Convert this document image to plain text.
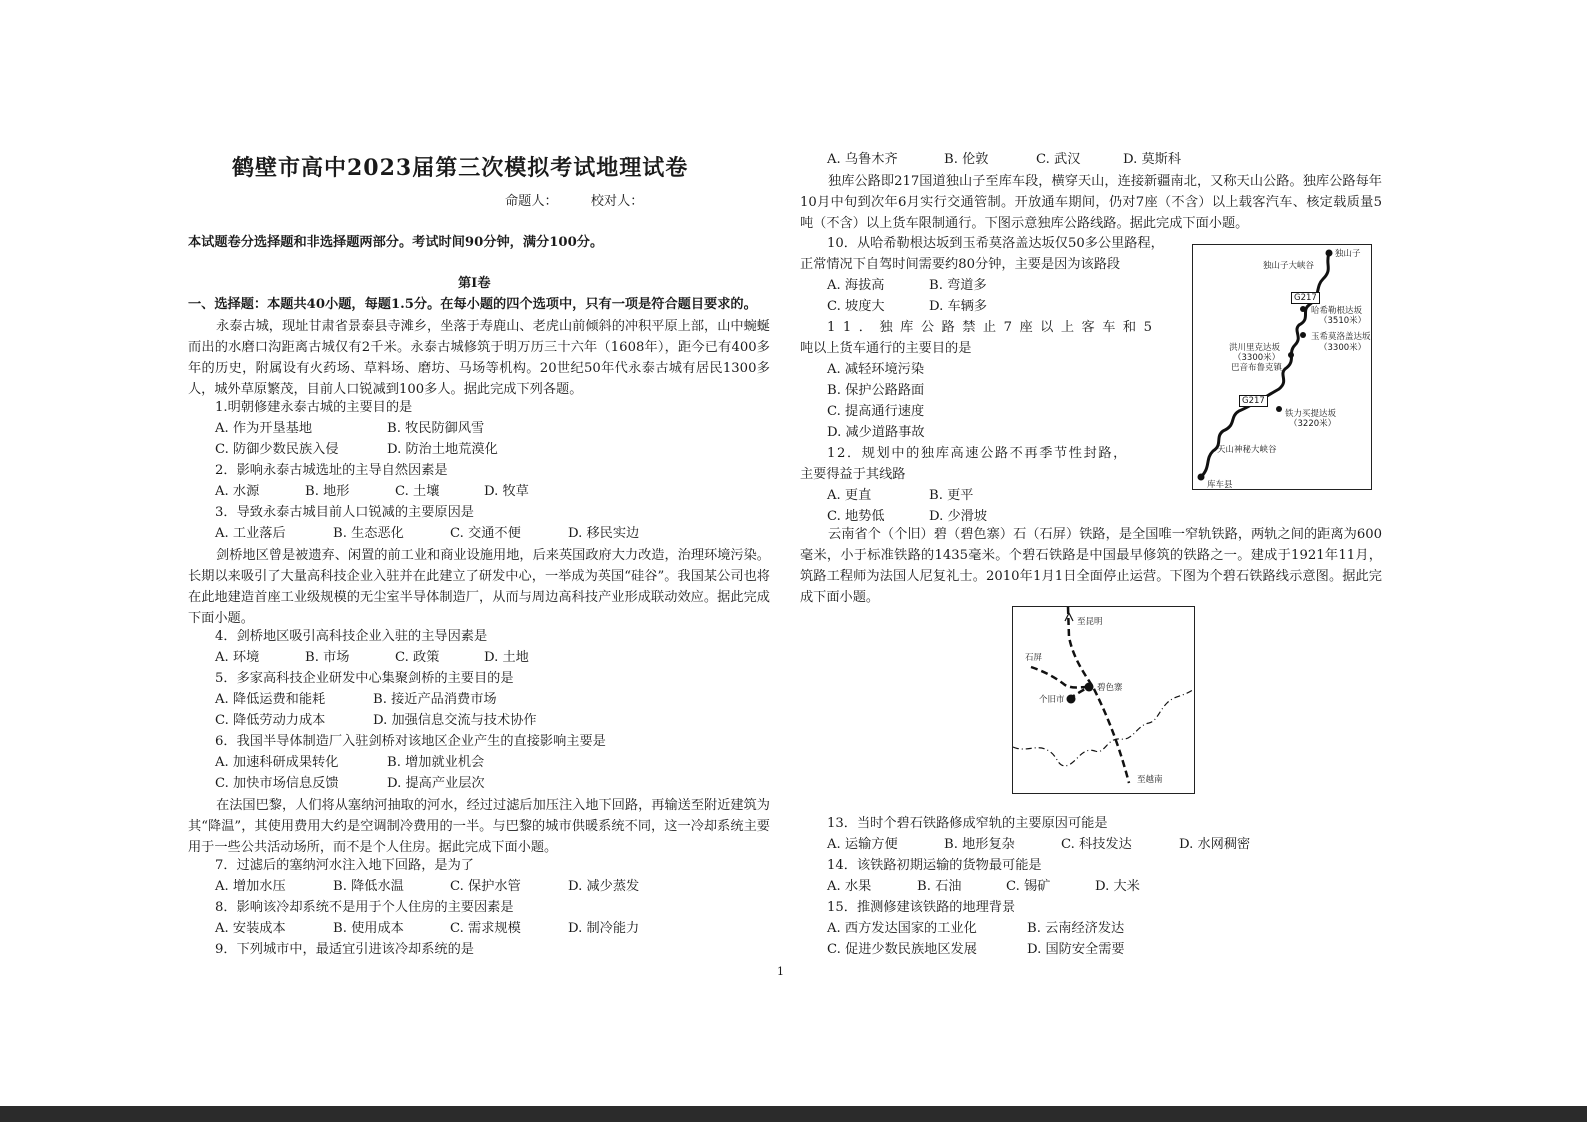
鹤壁市高中2023届第三次模拟考试地理试卷
命题人：　　　校对人：
本试题卷分选择题和非选择题两部分。考试时间90分钟，满分100分。
第Ⅰ卷
一、选择题：本题共40小题，每题1.5分。在每小题的四个选项中，只有一项是符合题目要求的。
永泰古城，现址甘肃省景泰县寺滩乡，坐落于寿鹿山、老虎山前倾斜的冲积平原上部，山中蜿蜒而出的水磨口沟距离古城仅有2千米。永泰古城修筑于明万历三十六年（1608年），距今已有400多年的历史，附属设有火药场、草料场、磨坊、马场等机构。20世纪50年代永泰古城有居民1300多人，城外草原繁茂，目前人口锐减到100多人。据此完成下列各题。
1.明朝修建永泰古城的主要目的是
A. 作为开垦基地	B. 牧民防御风雪
C. 防御少数民族入侵	D. 防治土地荒漠化
2．影响永泰古城选址的主导自然因素是
A. 水源	B. 地形	C. 土壤	D. 牧草
3．导致永泰古城目前人口锐减的主要原因是
A. 工业落后	B. 生态恶化	C. 交通不便	D. 移民实边
剑桥地区曾是被遗弃、闲置的前工业和商业设施用地，后来英国政府大力改造，治理环境污染。长期以来吸引了大量高科技企业入驻并在此建立了研发中心，一举成为英国“硅谷”。我国某公司也将在此地建造首座工业级规模的无尘室半导体制造厂，从而与周边高科技产业形成联动效应。据此完成下面小题。
4．剑桥地区吸引高科技企业入驻的主导因素是
A. 环境	B. 市场	C. 政策	D. 土地
5．多家高科技企业研发中心集聚剑桥的主要目的是
A. 降低运费和能耗	B. 接近产品消费市场
C. 降低劳动力成本	D. 加强信息交流与技术协作
6．我国半导体制造厂入驻剑桥对该地区企业产生的直接影响主要是
A. 加速科研成果转化	B. 增加就业机会
C. 加快市场信息反馈	D. 提高产业层次
在法国巴黎，人们将从塞纳河抽取的河水，经过过滤后加压注入地下回路，再输送至附近建筑为其“降温”，其使用费用大约是空调制冷费用的一半。与巴黎的城市供暖系统不同，这一冷却系统主要用于一些公共活动场所，而不是个人住房。据此完成下面小题。
7．过滤后的塞纳河水注入地下回路，是为了
A. 增加水压	B. 降低水温	C. 保护水管	D. 减少蒸发
8．影响该冷却系统不是用于个人住房的主要因素是
A. 安装成本	B. 使用成本	C. 需求规模	D. 制冷能力
9．下列城市中，最适宜引进该冷却系统的是
A. 乌鲁木齐	B. 伦敦	C. 武汉	D. 莫斯科
独库公路即217国道独山子至库车段，横穿天山，连接新疆南北，又称天山公路。独库公路每年10月中旬到次年6月实行交通管制。开放通车期间，仍对7座（不含）以上载客汽车、核定载质量5吨（不含）以上货车限制通行。下图示意独库公路线路。据此完成下面小题。
10．从哈希勒根达坂到玉希莫洛盖达坂仅50多公里路程，
正常情况下自驾时间需要约80分钟，主要是因为该路段
A. 海拔高	B. 弯道多
C. 坡度大	D. 车辆多
11．独库公路禁止7座以上客车和5
吨以上货车通行的主要目的是
A. 减轻环境污染
B. 保护公路路面
C. 提高通行速度
D. 减少道路事故
12．规划中的独库高速公路不再季节性封路，
主要得益于其线路
A. 更直	B. 更平
C. 地势低	D. 少滑坡
独山子
独山子大峡谷
G217
哈希勒根达坂
（3510米）
玉希莫洛盖达坂
（3300米）
洪川里克达坂
（3300米）
巴音布鲁克镇
G217
铁力买提达坂
（3220米）
天山神秘大峡谷
库车县
云南省个（个旧）碧（碧色寨）石（石屏）铁路，是全国唯一窄轨铁路，两轨之间的距离为600毫米，小于标准铁路的1435毫米。个碧石铁路是中国最早修筑的铁路之一。建成于1921年11月，筑路工程师为法国人尼复礼士。2010年1月1日全面停止运营。下图为个碧石铁路线示意图。据此完成下面小题。
至昆明
石屏
碧色寨
个旧市
至越南
13．当时个碧石铁路修成窄轨的主要原因可能是
A. 运输方便	B. 地形复杂	C. 科技发达	D. 水网稠密
14．该铁路初期运输的货物最可能是
A. 水果	B. 石油	C. 锡矿	D. 大米
15．推测修建该铁路的地理背景
A. 西方发达国家的工业化	B. 云南经济发达
C. 促进少数民族地区发展	D. 国防安全需要
1
